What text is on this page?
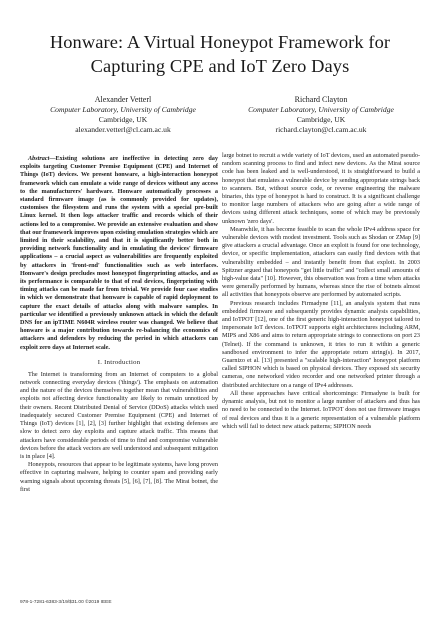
Honware: A Virtual Honeypot Framework for
Capturing CPE and IoT Zero Days
Alexander Vetterl
Computer Laboratory, University of Cambridge
Cambridge, UK
alexander.vetterl@cl.cam.ac.uk
Richard Clayton
Computer Laboratory, University of Cambridge
Cambridge, UK
richard.clayton@cl.cam.ac.uk

Abstract—Existing solutions are ineffective in detecting zero day exploits targeting Customer Premise Equipment (CPE) and Internet of Things (IoT) devices. We present honware, a high-interaction honeypot framework which can emulate a wide range of devices without any access to the manufacturers' hardware. Honware automatically processes a standard firmware image (as is commonly provided for updates), customises the filesystem and runs the system with a special pre-built Linux kernel. It then logs attacker traffic and records which of their actions led to a compromise. We provide an extensive evaluation and show that our framework improves upon existing emulation strategies which are limited in their scalability, and that it is significantly better both in providing network functionality and in emulating the devices' firmware applications – a crucial aspect as vulnerabilities are frequently exploited by attackers in 'front-end' functionalities such as web interfaces. Honware's design precludes most honeypot fingerprinting attacks, and as its performance is comparable to that of real devices, fingerprinting with timing attacks can be made far from trivial. We provide four case studies in which we demonstrate that honware is capable of rapid deployment to capture the exact details of attacks along with malware samples. In particular we identified a previously unknown attack in which the default DNS for an ipTIME N604R wireless router was changed. We believe that honware is a major contribution towards re-balancing the economics of attackers and defenders by reducing the period in which attackers can exploit zero days at Internet scale.

I. Introduction

The Internet is transforming from an Internet of computers to a global network connecting everyday devices ('things'). The emphasis on automation and the nature of the devices themselves together mean that vulnerabilities and exploits not affecting device functionality are likely to remain unnoticed by their owners. Recent Distributed Denial of Service (DDoS) attacks which used inadequately secured Customer Premise Equipment (CPE) and Internet of Things (IoT) devices [1], [2], [3] further highlight that existing defenses are slow to detect zero day exploits and capture attack traffic. This means that attackers have considerable periods of time to find and compromise vulnerable devices before the attack vectors are well understood and subsequent mitigation is in place [4].

Honeypots, resources that appear to be legitimate systems, have long proven effective in capturing malware, helping to counter spam and providing early warning signals about upcoming threats [5], [6], [7], [8]. The Mirai botnet, the first

large botnet to recruit a wide variety of IoT devices, used an automated pseudo-random scanning process to find and infect new devices. As the Mirai source code has been leaked and is well-understood, it is straightforward to build a honeypot that emulates a vulnerable device by sending appropriate strings back to scanners. But, without source code, or reverse engineering the malware binaries, this type of honeypot is hard to construct. It is a significant challenge to monitor large numbers of attackers who are going after a wide range of devices using different attack techniques, some of which may be previously unknown 'zero days'.

Meanwhile, it has become feasible to scan the whole IPv4 address space for vulnerable devices with modest investment. Tools such as Shodan or ZMap [9] give attackers a crucial advantage. Once an exploit is found for one technology, device, or specific implementation, attackers can easily find devices with that vulnerability embedded – and instantly benefit from that exploit. In 2003 Spitzner argued that honeypots "get little traffic" and "collect small amounts of high-value data" [10]. However, this observation was from a time when attacks were generally performed by humans, whereas since the rise of botnets almost all activities that honeypots observe are performed by automated scripts.

Previous research includes Firmadyne [11], an analysis system that runs embedded firmware and subsequently provides dynamic analysis capabilities, and IoTPOT [12], one of the first generic high-interaction honeypot tailored to impersonate IoT devices. IoTPOT supports eight architectures including ARM, MIPS and X86 and aims to return appropriate strings to connections on port 23 (Telnet). If the command is unknown, it tries to run it within a generic sandboxed environment to infer the appropriate return string(s). In 2017, Guarnizo et al. [13] presented a "scalable high-interaction" honeypot platform called SIPHON which is based on physical devices. They exposed six security cameras, one networked video recorder and one networked printer through a distributed architecture on a range of IPv4 addresses.

All these approaches have critical shortcomings: Firmadyne is built for dynamic analysis, but not to monitor a large number of attackers and thus has no need to be connected to the Internet. IoTPOT does not use firmware images of real devices and thus it is a generic representation of a vulnerable platform which will fail to detect new attack patterns; SIPHON needs

978-1-7281-6383-3/19/$31.00 ©2019 IEEE
